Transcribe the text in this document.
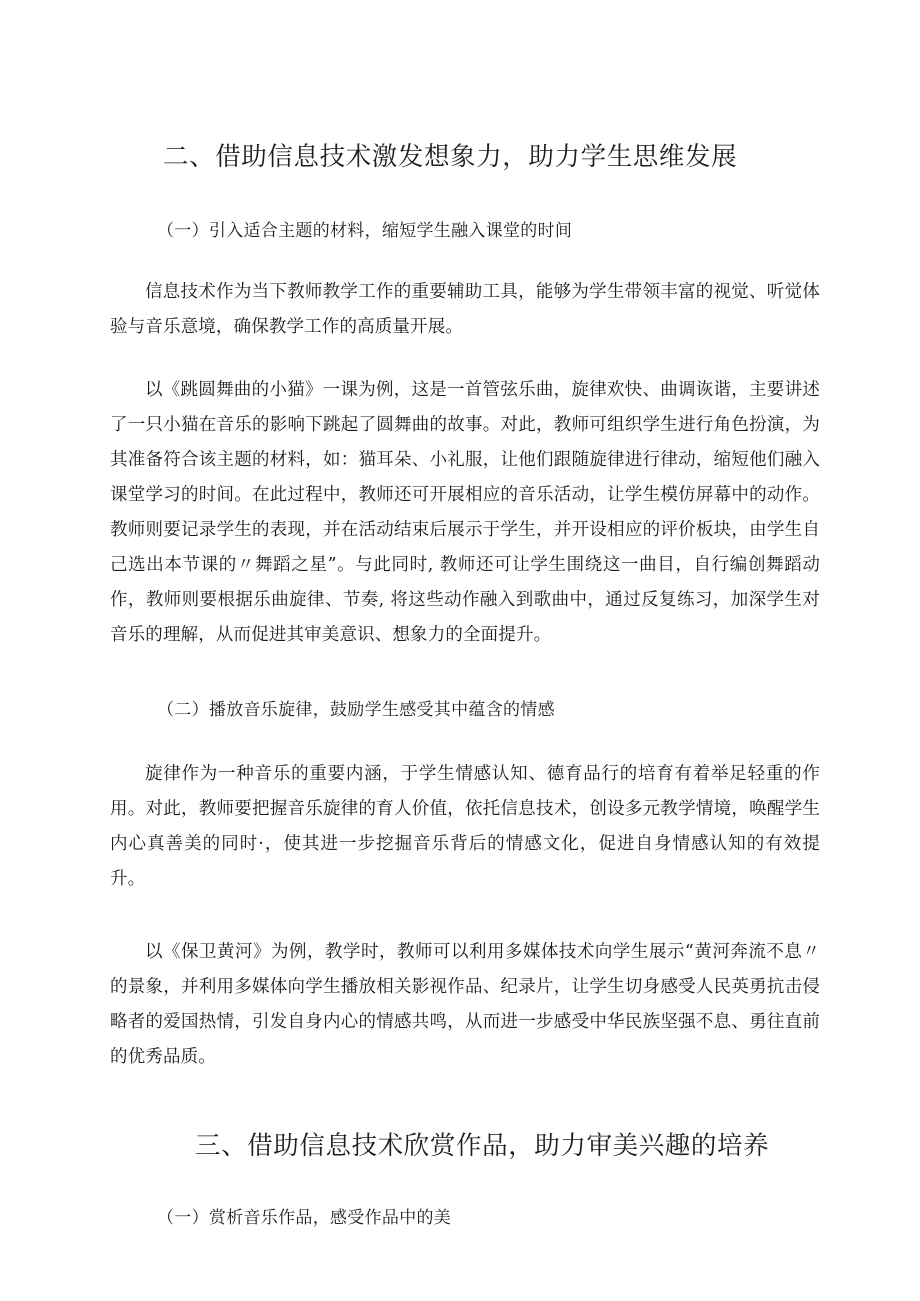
二、借助信息技术激发想象力，助力学生思维发展
（一）引入适合主题的材料，缩短学生融入课堂的时间

信息技术作为当下教师教学工作的重要辅助工具，能够为学生带领丰富的视觉、听觉体验与音乐意境，确保教学工作的高质量开展。

以《跳圆舞曲的小猫》一课为例，这是一首管弦乐曲，旋律欢快、曲调诙谐，主要讲述了一只小猫在音乐的影响下跳起了圆舞曲的故事。对此，教师可组织学生进行角色扮演，为其准备符合该主题的材料，如：猫耳朵、小礼服，让他们跟随旋律进行律动，缩短他们融入课堂学习的时间。在此过程中，教师还可开展相应的音乐活动，让学生模仿屏幕中的动作。教师则要记录学生的表现，并在活动结束后展示于学生，并开设相应的评价板块，由学生自己选出本节课的〃舞蹈之星”。与此同时, 教师还可让学生围绕这一曲目，自行编创舞蹈动作，教师则要根据乐曲旋律、节奏, 将这些动作融入到歌曲中，通过反复练习，加深学生对音乐的理解，从而促进其审美意识、想象力的全面提升。

（二）播放音乐旋律，鼓励学生感受其中蕴含的情感

旋律作为一种音乐的重要内涵，于学生情感认知、德育品行的培育有着举足轻重的作用。对此，教师要把握音乐旋律的育人价值，依托信息技术，创设多元教学情境，唤醒学生内心真善美的同时·，使其进一步挖掘音乐背后的情感文化，促进自身情感认知的有效提升。

以《保卫黄河》为例，教学时，教师可以利用多媒体技术向学生展示“黄河奔流不息〃的景象，并利用多媒体向学生播放相关影视作品、纪录片，让学生切身感受人民英勇抗击侵略者的爱国热情，引发自身内心的情感共鸣，从而进一步感受中华民族坚强不息、勇往直前的优秀品质。

三、借助信息技术欣赏作品，助力审美兴趣的培养
（一）赏析音乐作品，感受作品中的美
